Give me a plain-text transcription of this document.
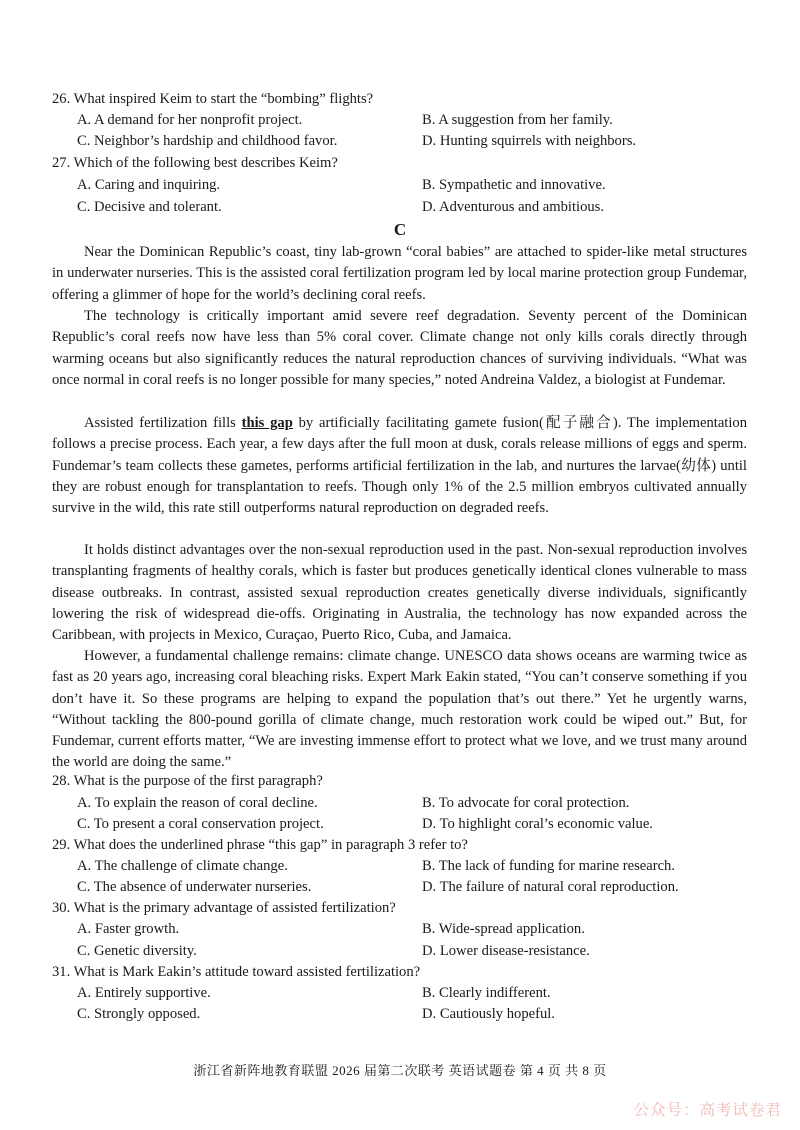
26. What inspired Keim to start the “bombing” flights?
A. A demand for her nonprofit project.	B. A suggestion from her family.
C. Neighbor’s hardship and childhood favor.	D. Hunting squirrels with neighbors.
27. Which of the following best describes Keim?
A. Caring and inquiring.	B. Sympathetic and innovative.
C. Decisive and tolerant.	D. Adventurous and ambitious.
C
Near the Dominican Republic’s coast, tiny lab-grown “coral babies” are attached to spider-like metal structures in underwater nurseries. This is the assisted coral fertilization program led by local marine protection group Fundemar, offering a glimmer of hope for the world’s declining coral reefs.
The technology is critically important amid severe reef degradation. Seventy percent of the Dominican Republic’s coral reefs now have less than 5% coral cover. Climate change not only kills corals directly through warming oceans but also significantly reduces the natural reproduction chances of surviving individuals. “What was once normal in coral reefs is no longer possible for many species,” noted Andreina Valdez, a biologist at Fundemar.
Assisted fertilization fills this gap by artificially facilitating gamete fusion(配子融合). The implementation follows a precise process. Each year, a few days after the full moon at dusk, corals release millions of eggs and sperm. Fundemar’s team collects these gametes, performs artificial fertilization in the lab, and nurtures the larvae(幼体) until they are robust enough for transplantation to reefs. Though only 1% of the 2.5 million embryos cultivated annually survive in the wild, this rate still outperforms natural reproduction on degraded reefs.
It holds distinct advantages over the non-sexual reproduction used in the past. Non-sexual reproduction involves transplanting fragments of healthy corals, which is faster but produces genetically identical clones vulnerable to mass disease outbreaks. In contrast, assisted sexual reproduction creates genetically diverse individuals, significantly lowering the risk of widespread die-offs. Originating in Australia, the technology has now expanded across the Caribbean, with projects in Mexico, Curaçao, Puerto Rico, Cuba, and Jamaica.
However, a fundamental challenge remains: climate change. UNESCO data shows oceans are warming twice as fast as 20 years ago, increasing coral bleaching risks. Expert Mark Eakin stated, “You can’t conserve something if you don’t have it. So these programs are helping to expand the population that’s out there.” Yet he urgently warns, “Without tackling the 800-pound gorilla of climate change, much restoration work could be wiped out.” But, for Fundemar, current efforts matter, “We are investing immense effort to protect what we love, and we trust many around the world are doing the same.”
28. What is the purpose of the first paragraph?
A. To explain the reason of coral decline.	B. To advocate for coral protection.
C. To present a coral conservation project.	D. To highlight coral’s economic value.
29. What does the underlined phrase “this gap” in paragraph 3 refer to?
A. The challenge of climate change.	B. The lack of funding for marine research.
C. The absence of underwater nurseries.	D. The failure of natural coral reproduction.
30. What is the primary advantage of assisted fertilization?
A. Faster growth.	B. Wide-spread application.
C. Genetic diversity.	D. Lower disease-resistance.
31. What is Mark Eakin’s attitude toward assisted fertilization?
A. Entirely supportive.	B. Clearly indifferent.
C. Strongly opposed.	D. Cautiously hopeful.
浙江省新阵地教育联盟 2026 届第二次联考 英语试题卷 第 4 页 共 8 页
公众号：高考试卷君
